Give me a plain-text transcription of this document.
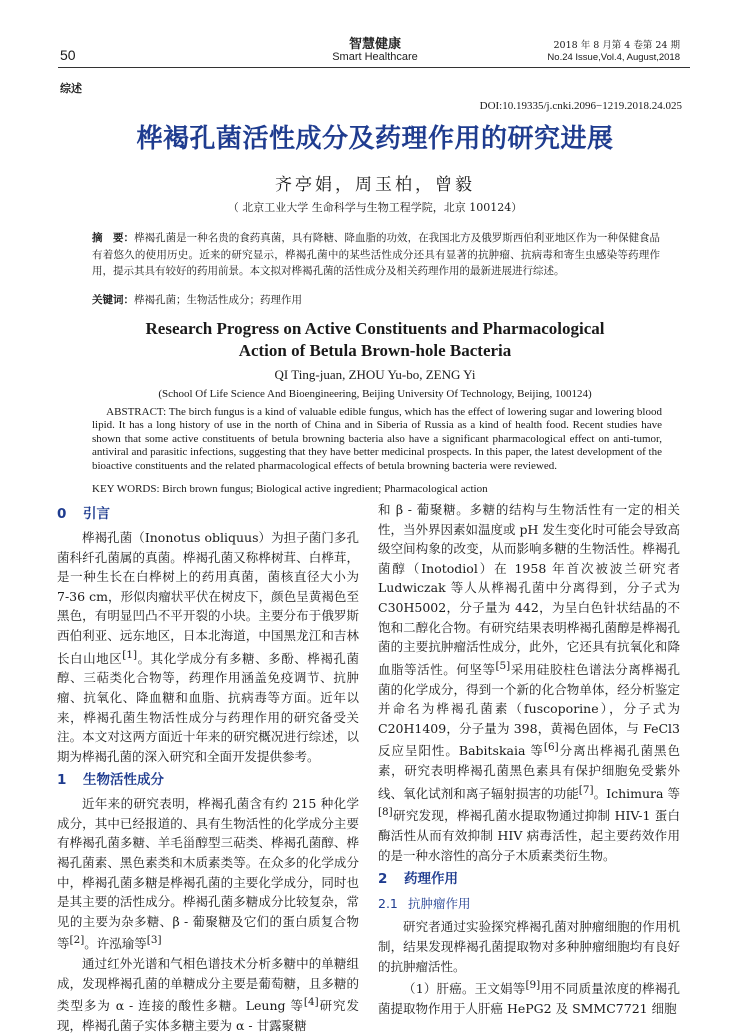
智慧健康
Smart Healthcare
50
2018 年 8 月第 4 卷第 24 期
No.24 Issue,Vol.4, August,2018
综述
DOI:10.19335/j.cnki.2096−1219.2018.24.025
桦褐孔菌活性成分及药理作用的研究进展
齐亭娟，周玉柏，曾毅
（ 北京工业大学 生命科学与生物工程学院，北京 100124）
摘　要：桦褐孔菌是一种名贵的食药真菌，具有降糖、降血脂的功效，在我国北方及俄罗斯西伯利亚地区作为一种保健食品有着悠久的使用历史。近来的研究显示，桦褐孔菌中的某些活性成分还具有显著的抗肿瘤、抗病毒和寄生虫感染等药理作用，提示其具有较好的药用前景。本文拟对桦褐孔菌的活性成分及相关药理作用的最新进展进行综述。
关键词：桦褐孔菌；生物活性成分；药理作用
Research Progress on Active Constituents and Pharmacological
Action of Betula Brown-hole Bacteria
QI Ting-juan, ZHOU Yu-bo, ZENG Yi
(School Of Life Science And Bioengineering, Beijing University Of Technology, Beijing, 100124)
ABSTRACT: The birch fungus is a kind of valuable edible fungus, which has the effect of lowering sugar and lowering blood lipid. It has a long history of use in the north of China and in Siberia of Russia as a kind of health food. Recent studies have shown that some active constituents of betula browning bacteria also have a significant pharmacological effect on anti-tumor, antiviral and parasitic infections, suggesting that they have better medicinal prospects. In this paper, the latest development of the bioactive constituents and the related pharmacological effects of betula browning bacteria were reviewed.
KEY WORDS: Birch brown fungus; Biological active ingredient; Pharmacological action
0 引言

桦褐孔菌（Inonotus obliquus）为担子菌门多孔菌科纤孔菌属的真菌。桦褐孔菌又称桦树茸、白桦茸，是一种生长在白桦树上的药用真菌，菌核直径大小为 7-36 cm，形似肉瘤状平伏在树皮下，颜色呈黄褐色至黑色，有明显凹凸不平开裂的小块。主要分布于俄罗斯西伯利亚、远东地区，日本北海道，中国黑龙江和吉林长白山地区[1]。其化学成分有多糖、多酚、桦褐孔菌醇、三萜类化合物等，药理作用涵盖免疫调节、抗肿瘤、抗氧化、降血糖和血脂、抗病毒等方面。近年以来，桦褐孔菌生物活性成分与药理作用的研究备受关注。本文对这两方面近十年来的研究概况进行综述，以期为桦褐孔菌的深入研究和全面开发提供参考。

1 生物活性成分

近年来的研究表明，桦褐孔菌含有约 215 种化学成分，其中已经报道的、具有生物活性的化学成分主要有桦褐孔菌多糖、羊毛甾醇型三萜类、桦褐孔菌醇、桦褐孔菌素、黑色素类和木质素类等。在众多的化学成分中，桦褐孔菌多糖是桦褐孔菌的主要化学成分，同时也是其主要的活性成分。桦褐孔菌多糖成分比较复杂，常见的主要为杂多糖、β - 葡聚糖及它们的蛋白质复合物等[2]。许泓瑜等[3]

通过红外光谱和气相色谱技术分析多糖中的单糖组成，发现桦褐孔菌的单糖成分主要是葡萄糖，且多糖的类型多为 α - 连接的酸性多糖。Leung 等[4]研究发现，桦褐孔菌子实体多糖主要为 α - 甘露聚糖

和 β - 葡聚糖。多糖的结构与生物活性有一定的相关性，当外界因素如温度或 pH 发生变化时可能会导致高级空间构象的改变，从而影响多糖的生物活性。桦褐孔菌醇（Inotodiol）在 1958 年首次被波兰研究者 Ludwiczak 等人从桦褐孔菌中分离得到，分子式为 C30H5002，分子量为 442，为呈白色针状结晶的不饱和二醇化合物。有研究结果表明桦褐孔菌醇是桦褐孔菌的主要抗肿瘤活性成分，此外，它还具有抗氧化和降血脂等活性。何坚等[5]采用硅胶柱色谱法分离桦褐孔菌的化学成分，得到一个新的化合物单体，经分析鉴定并命名为桦褐孔菌素（fuscoporine），分子式为 C20H1409，分子量为 398，黄褐色固体，与 FeCl3 反应呈阳性。Babitskaia 等[6]分离出桦褐孔菌黑色素，研究表明桦褐孔菌黑色素具有保护细胞免受紫外线、氧化试剂和离子辐射损害的功能[7]。Ichimura 等[8]研究发现，桦褐孔菌水提取物通过抑制 HIV-1 蛋白酶活性从而有效抑制 HIV 病毒活性，起主要药效作用的是一种水溶性的高分子木质素类衍生物。

2 药理作用
2.1 抗肿瘤作用

研究者通过实验探究桦褐孔菌对肿瘤细胞的作用机制，结果发现桦褐孔菌提取物对多种肿瘤细胞均有良好的抗肿瘤活性。

（1）肝癌。王文娟等[9]用不同质量浓度的桦褐孔菌提取物作用于人肝癌 HePG2 及 SMMC7721 细胞
